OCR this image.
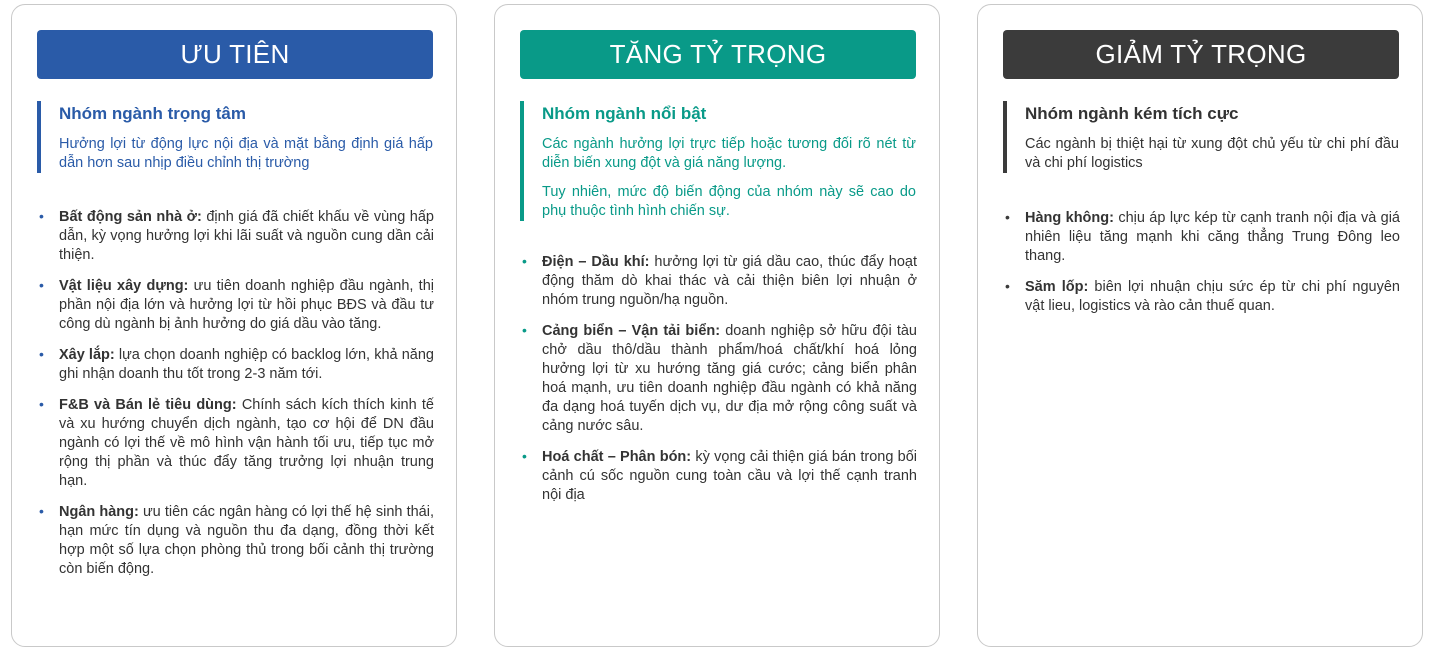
ƯU TIÊN
Nhóm ngành trọng tâm
Hưởng lợi từ động lực nội địa và mặt bằng định giá hấp dẫn hơn sau nhịp điều chỉnh thị trường
• Bất động sản nhà ở: định giá đã chiết khấu về vùng hấp dẫn, kỳ vọng hưởng lợi khi lãi suất và nguồn cung dần cải thiện.
• Vật liệu xây dựng: ưu tiên doanh nghiệp đầu ngành, thị phần nội địa lớn và hưởng lợi từ hồi phục BĐS và đầu tư công dù ngành bị ảnh hưởng do giá dầu vào tăng.
• Xây lắp: lựa chọn doanh nghiệp có backlog lớn, khả năng ghi nhận doanh thu tốt trong 2-3 năm tới.
• F&B và Bán lẻ tiêu dùng: Chính sách kích thích kinh tế và xu hướng chuyển dịch ngành, tạo cơ hội để DN đầu ngành có lợi thế về mô hình vận hành tối ưu, tiếp tục mở rộng thị phần và thúc đẩy tăng trưởng lợi nhuận trung hạn.
• Ngân hàng: ưu tiên các ngân hàng có lợi thế hệ sinh thái, hạn mức tín dụng và nguồn thu đa dạng, đồng thời kết hợp một số lựa chọn phòng thủ trong bối cảnh thị trường còn biến động.
TĂNG TỶ TRỌNG
Nhóm ngành nổi bật
Các ngành hưởng lợi trực tiếp hoặc tương đối rõ nét từ diễn biến xung đột và giá năng lượng.
Tuy nhiên, mức độ biến động của nhóm này sẽ cao do phụ thuộc tình hình chiến sự.
• Điện – Dầu khí: hưởng lợi từ giá dầu cao, thúc đẩy hoạt động thăm dò khai thác và cải thiện biên lợi nhuận ở nhóm trung nguồn/hạ nguồn.
• Cảng biển – Vận tải biển: doanh nghiệp sở hữu đội tàu chở dầu thô/dầu thành phẩm/hoá chất/khí hoá lỏng hưởng lợi từ xu hướng tăng giá cước; cảng biển phân hoá mạnh, ưu tiên doanh nghiệp đầu ngành có khả năng đa dạng hoá tuyến dịch vụ, dư địa mở rộng công suất và cảng nước sâu.
• Hoá chất – Phân bón: kỳ vọng cải thiện giá bán trong bối cảnh cú sốc nguồn cung toàn cầu và lợi thế cạnh tranh nội địa
GIẢM TỶ TRỌNG
Nhóm ngành kém tích cực
Các ngành bị thiệt hại từ xung đột chủ yếu từ chi phí đầu và chi phí logistics
• Hàng không: chịu áp lực kép từ cạnh tranh nội địa và giá nhiên liệu tăng mạnh khi căng thẳng Trung Đông leo thang.
• Săm lốp: biên lợi nhuận chịu sức ép từ chi phí nguyên vật lieu, logistics và rào cản thuế quan.
